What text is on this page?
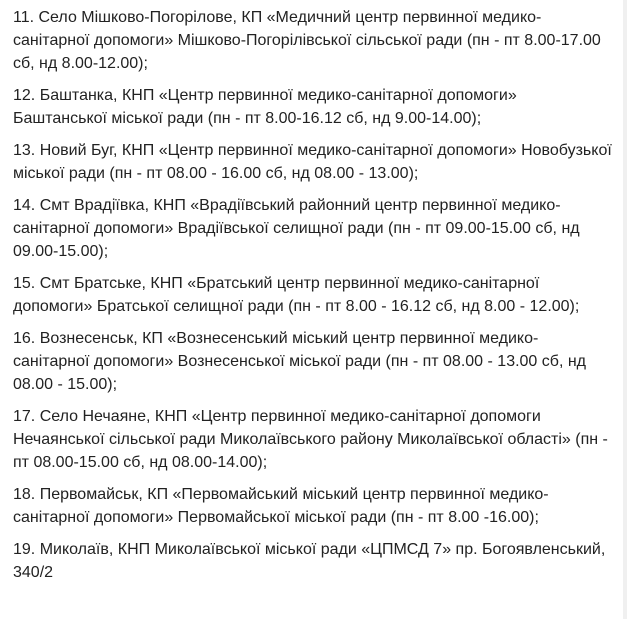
11. Село Мішково-Погорілове, КП «Медичний центр первинної медико-санітарної допомоги» Мішково-Погорілівської сільської ради (пн - пт 8.00-17.00 сб, нд 8.00-12.00);

12. Баштанка, КНП «Центр первинної медико-санітарної допомоги» Баштанської міської ради (пн - пт 8.00-16.12 сб, нд 9.00-14.00);

13. Новий Буг, КНП «Центр первинної медико-санітарної допомоги» Новобузької міської ради (пн - пт 08.00 - 16.00 сб, нд 08.00 - 13.00);

14. Смт Врадіївка, КНП «Врадіївський районний центр первинної медико-санітарної допомоги» Врадіївської селищної ради (пн - пт 09.00-15.00 сб, нд 09.00-15.00);

15. Смт Братське, КНП «Братський центр первинної медико-санітарної допомоги» Братської селищної ради (пн - пт 8.00 - 16.12 сб, нд 8.00 - 12.00);

16. Вознесенськ, КП «Вознесенський міський центр первинної медико-санітарної допомоги» Вознесенської міської ради (пн - пт 08.00 - 13.00 сб, нд 08.00 - 15.00);

17. Село Нечаяне, КНП «Центр первинної медико-санітарної допомоги Нечаянської сільської ради Миколаївського району Миколаївської області» (пн - пт 08.00-15.00 сб, нд 08.00-14.00);

18. Первомайськ, КП «Первомайський міський центр первинної медико-санітарної допомоги» Первомайської міської ради (пн - пт 8.00 -16.00);

19. Миколаїв, КНП Миколаївської міської ради «ЦПМСД 7» пр. Богоявленський, 340/2
